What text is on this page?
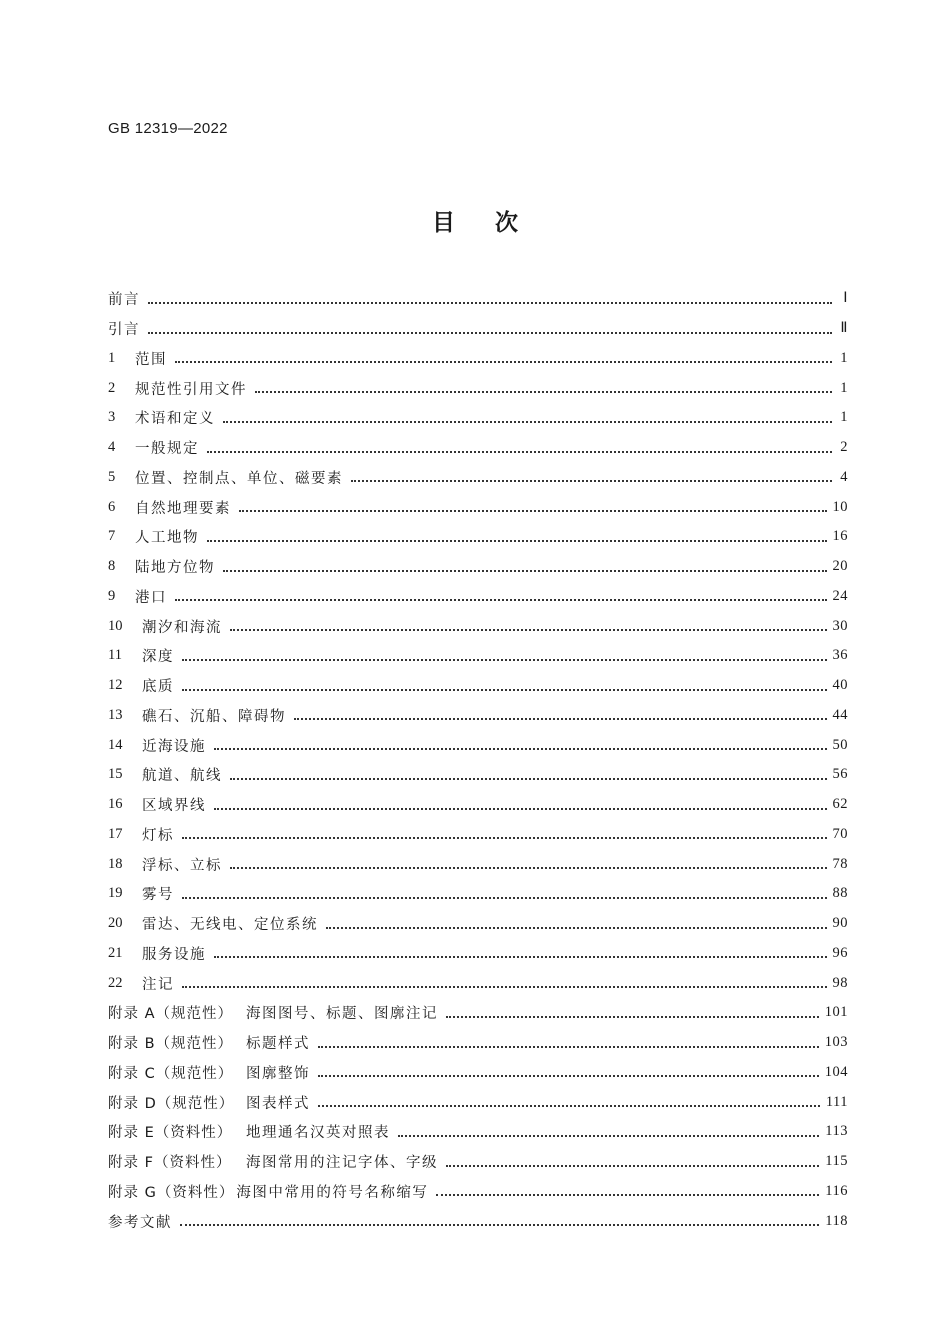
GB 12319—2022
目次
前言	Ⅰ
引言	Ⅱ
1	范围	1
2	规范性引用文件	1
3	术语和定义	1
4	一般规定	2
5	位置、控制点、单位、磁要素	4
6	自然地理要素	10
7	人工地物	16
8	陆地方位物	20
9	港口	24
10	潮汐和海流	30
11	深度	36
12	底质	40
13	礁石、沉船、障碍物	44
14	近海设施	50
15	航道、航线	56
16	区域界线	62
17	灯标	70
18	浮标、立标	78
19	雾号	88
20	雷达、无线电、定位系统	90
21	服务设施	96
22	注记	98
附录 A（规范性） 海图图号、标题、图廓注记	101
附录 B（规范性） 标题样式	103
附录 C（规范性） 图廓整饰	104
附录 D（规范性） 图表样式	111
附录 E（资料性） 地理通名汉英对照表	113
附录 F（资料性）	海图常用的注记字体、字级	115
附录 G（资料性） 海图中常用的符号名称缩写	116
参考文献	118
